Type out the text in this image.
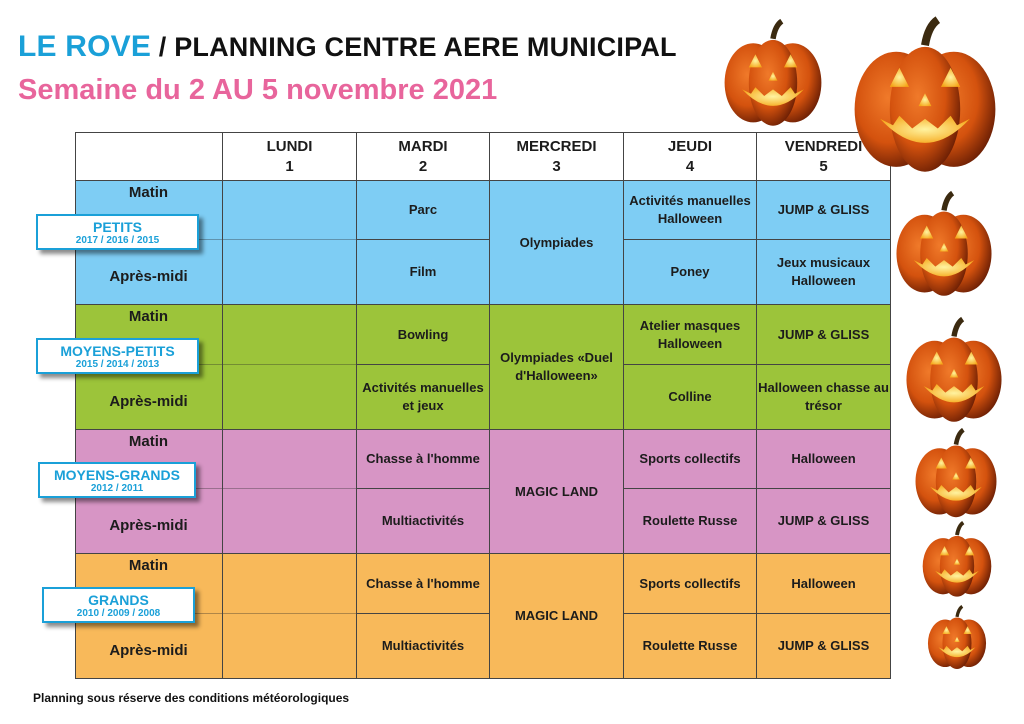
LE ROVE / PLANNING CENTRE AERE MUNICIPAL
Semaine du 2 AU 5 novembre 2021
LUNDI
1
MARDI
2
MERCREDI
3
JEUDI
4
VENDREDI
5
Matin
Après-midi
Parc
Film
Olympiades
Activités manuelles Halloween
Poney
JUMP & GLISS
Jeux musicaux Halloween
Matin
Après-midi
Bowling
Activités manuelles et jeux
Olympiades «Duel d'Halloween»
Atelier masques Halloween
Colline
JUMP & GLISS
Halloween chasse au trésor
Matin
Après-midi
Chasse à l'homme
Multiactivités
MAGIC LAND
Sports collectifs
Roulette Russe
Halloween
JUMP & GLISS
Matin
Après-midi
Chasse à l'homme
Multiactivités
MAGIC LAND
Sports collectifs
Roulette Russe
Halloween
JUMP & GLISS
Planning sous réserve des conditions météorologiques
PETITS
2017 / 2016 / 2015
MOYENS-PETITS
2015 / 2014 / 2013
MOYENS-GRANDS
2012 / 2011
GRANDS
2010 / 2009 / 2008
